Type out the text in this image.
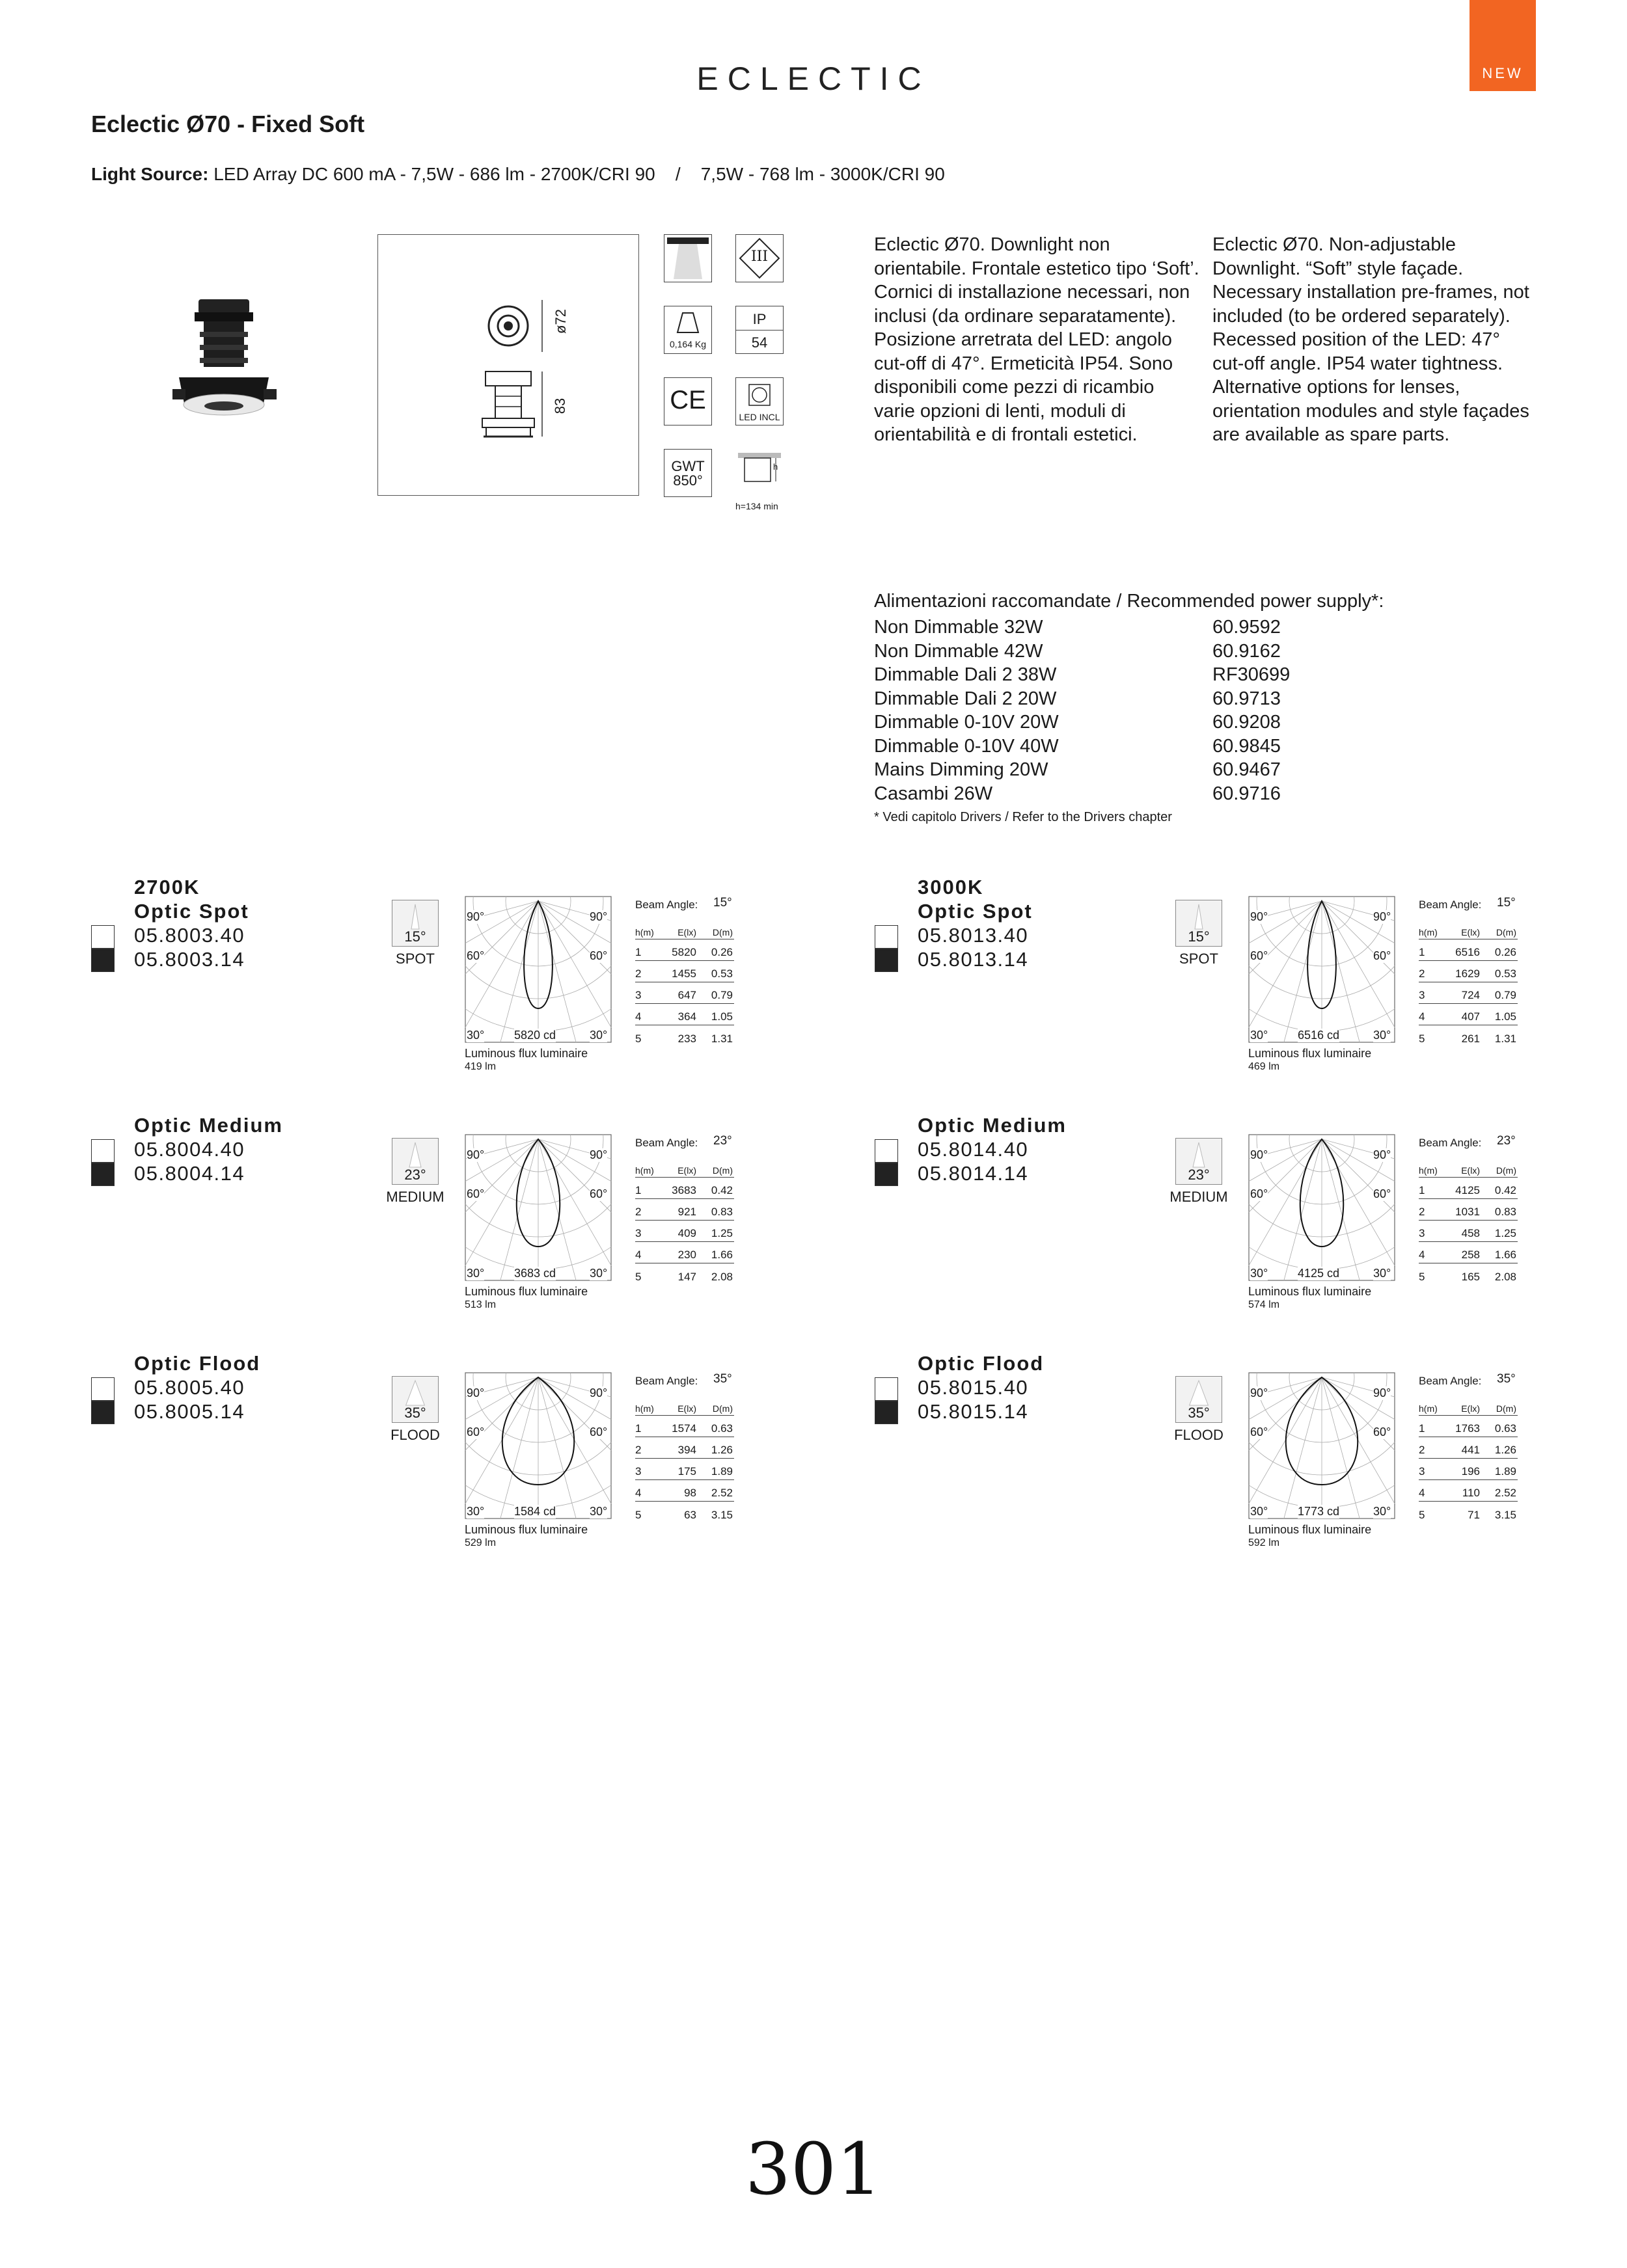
ECLECTIC	NEW
Eclectic Ø70 - Fixed Soft
Light Source: LED Array DC 600 mA - 7,5W - 686 lm - 2700K/CRI 90    /    7,5W - 768 lm - 3000K/CRI 90
ø72
83
III
0,164 Kg
IP
54
CE
LED INCL
GWT
850°
h
h=134 min
Eclectic Ø70. Downlight non orientabile. Frontale estetico tipo ‘Soft’. Cornici di installazione necessari, non inclusi (da ordinare separatamente). Posizione arretrata del LED: angolo cut-off di 47°. Ermeticità IP54. Sono disponibili come pezzi di ricambio varie opzioni di lenti, moduli di orientabilità e di frontali estetici.
Eclectic Ø70. Non-adjustable Downlight. “Soft” style façade. Necessary installation pre-frames, not included (to be ordered separately). Recessed position of the LED: 47° cut-off angle. IP54 water tightness. Alternative options for lenses, orientation modules and style façades are available as spare parts.
Alimentazioni raccomandate / Recommended power supply*:
Non Dimmable 32W	60.9592
Non Dimmable 42W	60.9162
Dimmable Dali 2 38W	RF30699
Dimmable Dali 2 20W	60.9713
Dimmable 0-10V 20W	60.9208
Dimmable 0-10V 40W	60.9845
Mains Dimming 20W	60.9467
Casambi 26W	60.9716
* Vedi capitolo Drivers / Refer to the Drivers chapter
2700K
Optic Spot
05.8003.40
05.8003.14
15°
SPOT
90°	90°
60°	60°
30°	30°
5820 cd
Luminous flux luminaire
419 lm
Beam Angle: 15°
h(m)	E(lx)	D(m)
1	5820	0.26
2	1455	0.53
3	647	0.79
4	364	1.05
5	233	1.31
Optic Medium
05.8004.40
05.8004.14	23°
MEDIUM
90°	90°
60°	60°
30°	30°
3683 cd
Luminous flux luminaire
513 lm
Beam Angle: 23°
h(m)	E(lx)	D(m)
1	3683	0.42
2	921	0.83
3	409	1.25
4	230	1.66
5	147	2.08
Optic Flood
05.8005.40
05.8005.14	35°
FLOOD
90°	90°
60°	60°
30°	30°
1584 cd
Luminous flux luminaire
529 lm
Beam Angle: 35°
h(m)	E(lx)	D(m)
1	1574	0.63
2	394	1.26
3	175	1.89
4	98	2.52
5	63	3.15
3000K
Optic Spot
05.8013.40
05.8013.14
15°
SPOT
90°	90°
60°	60°
30°	30°
6516 cd
Luminous flux luminaire
469 lm
Beam Angle: 15°
h(m)	E(lx)	D(m)
1	6516	0.26
2	1629	0.53
3	724	0.79
4	407	1.05
5	261	1.31
Optic Medium
05.8014.40
05.8014.14	23°
MEDIUM
90°	90°
60°	60°
30°	30°
4125 cd
Luminous flux luminaire
574 lm
Beam Angle: 23°
h(m)	E(lx)	D(m)
1	4125	0.42
2	1031	0.83
3	458	1.25
4	258	1.66
5	165	2.08
Optic Flood
05.8015.40
05.8015.14	35°
FLOOD
90°	90°
60°	60°
30°	30°
1773 cd
Luminous flux luminaire
592 lm
Beam Angle: 35°
h(m)	E(lx)	D(m)
1	1763	0.63
2	441	1.26
3	196	1.89
4	110	2.52
5	71	3.15
301
